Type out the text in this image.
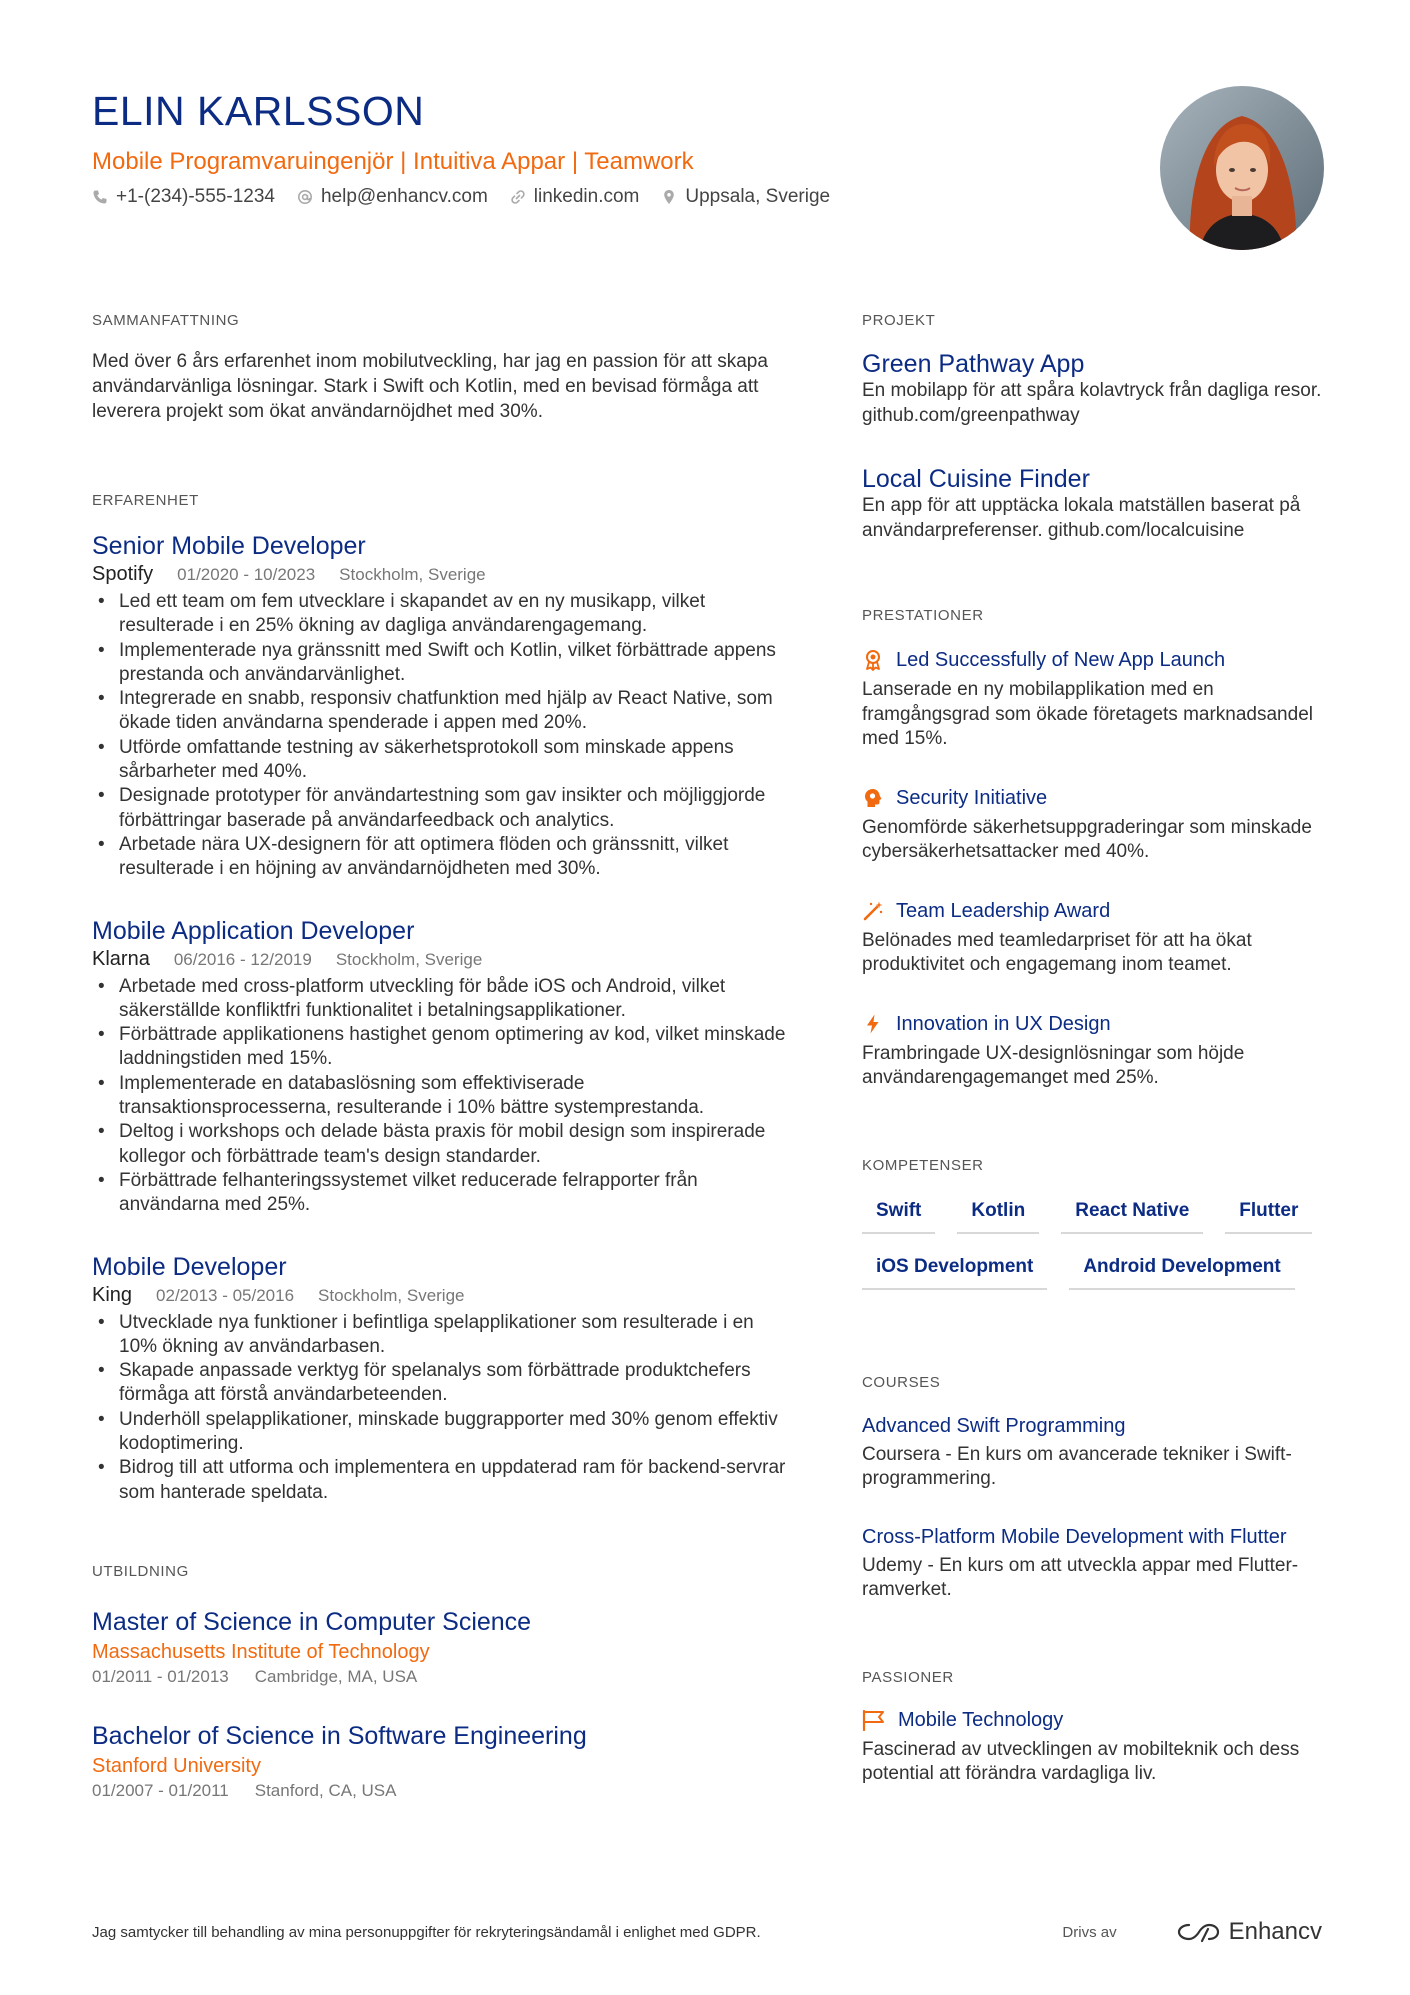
ELIN KARLSSON
Mobile Programvaruingenjör | Intuitiva Appar | Teamwork
+1-(234)-555-1234 help@enhancv.com linkedin.com Uppsala, Sverige
SAMMANFATTNING

Med över 6 års erfarenhet inom mobilutveckling, har jag en passion för att skapa användarvänliga lösningar. Stark i Swift och Kotlin, med en bevisad förmåga att leverera projekt som ökat användarnöjdhet med 30%.

ERFARENHET
Senior Mobile Developer
Spotify 01/2020 - 10/2023 Stockholm, Sverige
• Led ett team om fem utvecklare i skapandet av en ny musikapp, vilket resulterade i en 25% ökning av dagliga användarengagemang.
• Implementerade nya gränssnitt med Swift och Kotlin, vilket förbättrade appens prestanda och användarvänlighet.
• Integrerade en snabb, responsiv chatfunktion med hjälp av React Native, som ökade tiden användarna spenderade i appen med 20%.
• Utförde omfattande testning av säkerhetsprotokoll som minskade appens sårbarheter med 40%.
• Designade prototyper för användartestning som gav insikter och möjliggjorde förbättringar baserade på användarfeedback och analytics.
• Arbetade nära UX-designern för att optimera flöden och gränssnitt, vilket resulterade i en höjning av användarnöjdheten med 30%.
Mobile Application Developer
Klarna 06/2016 - 12/2019 Stockholm, Sverige
• Arbetade med cross-platform utveckling för både iOS och Android, vilket säkerställde konfliktfri funktionalitet i betalningsapplikationer.
• Förbättrade applikationens hastighet genom optimering av kod, vilket minskade laddningstiden med 15%.
• Implementerade en databaslösning som effektiviserade transaktionsprocesserna, resulterande i 10% bättre systemprestanda.
• Deltog i workshops och delade bästa praxis för mobil design som inspirerade kollegor och förbättrade team's design standarder.
• Förbättrade felhanteringssystemet vilket reducerade felrapporter från användarna med 25%.
Mobile Developer
King 02/2013 - 05/2016 Stockholm, Sverige
• Utvecklade nya funktioner i befintliga spelapplikationer som resulterade i en 10% ökning av användarbasen.
• Skapade anpassade verktyg för spelanalys som förbättrade produktchefers förmåga att förstå användarbeteenden.
• Underhöll spelapplikationer, minskade buggrapporter med 30% genom effektiv kodoptimering.
• Bidrog till att utforma och implementera en uppdaterad ram för backend-servrar som hanterade speldata.
UTBILDNING
Master of Science in Computer Science
Massachusetts Institute of Technology
01/2011 - 01/2013 Cambridge, MA, USA
Bachelor of Science in Software Engineering
Stanford University
01/2007 - 01/2011 Stanford, CA, USA
PROJEKT
Green Pathway App
En mobilapp för att spåra kolavtryck från dagliga resor. github.com/greenpathway
Local Cuisine Finder
En app för att upptäcka lokala matställen baserat på användarpreferenser. github.com/localcuisine
PRESTATIONER
Led Successfully of New App Launch
Lanserade en ny mobilapplikation med en framgångsgrad som ökade företagets marknadsandel med 15%.
Security Initiative
Genomförde säkerhetsuppgraderingar som minskade cybersäkerhetsattacker med 40%.
Team Leadership Award
Belönades med teamledarpriset för att ha ökat produktivitet och engagemang inom teamet.
Innovation in UX Design
Frambringade UX-designlösningar som höjde användarengagemanget med 25%.
KOMPETENSER
Swift	Kotlin	React Native	Flutter
iOS Development	Android Development
COURSES
Advanced Swift Programming
Coursera - En kurs om avancerade tekniker i Swift-programmering.
Cross-Platform Mobile Development with Flutter
Udemy - En kurs om att utveckla appar med Flutter-ramverket.
PASSIONER
Mobile Technology
Fascinerad av utvecklingen av mobilteknik och dess potential att förändra vardagliga liv.
Jag samtycker till behandling av mina personuppgifter för rekryteringsändamål i enlighet med GDPR.	Drivs av	Enhancv
